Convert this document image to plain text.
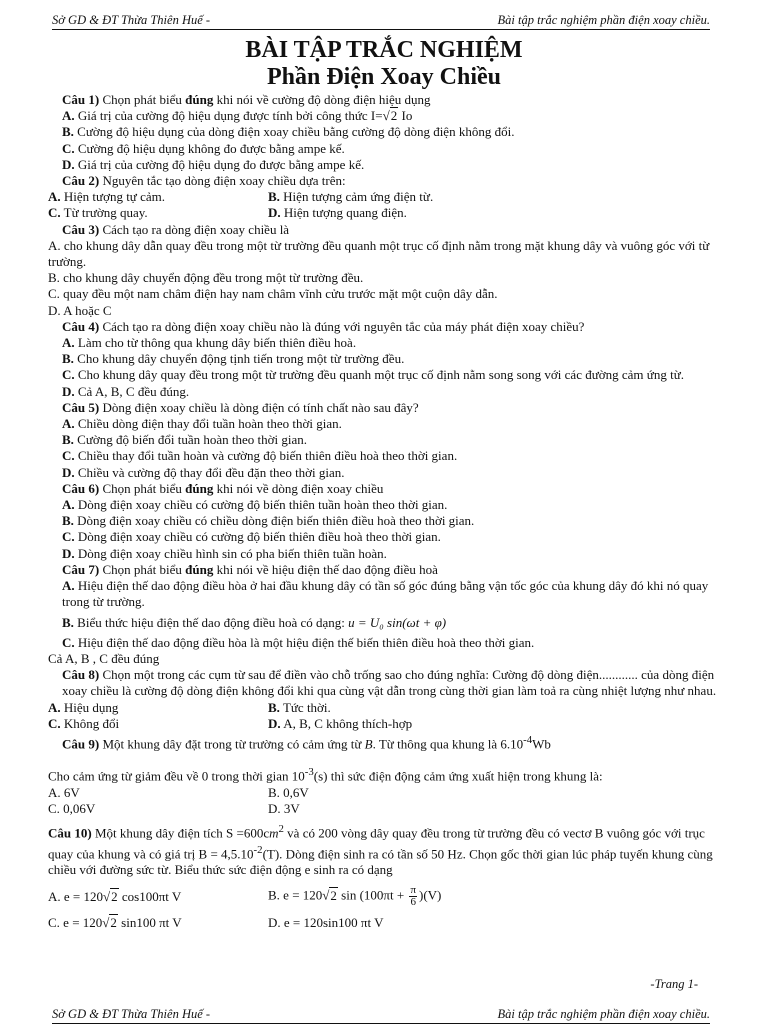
Sở GD & ĐT Thừa Thiên Huế -	Bài tập trắc nghiệm phần điện xoay chiều.
BÀI TẬP TRẮC NGHIỆM
Phần Điện Xoay Chiều
Câu 1) Chọn phát biểu đúng khi nói về cường độ dòng điện hiệu dụng
A. Giá trị của cường độ hiệu dụng được tính bởi công thức I=√2 Io
B. Cường độ hiệu dụng của dòng điện xoay chiều bằng cường độ dòng điện không đổi.
C. Cường độ hiệu dụng không đo được bằng ampe kế.
D. Giá trị của cường độ hiệu dụng đo được bằng ampe kế.
Câu 2) Nguyên tắc tạo dòng điện xoay chiều dựa trên:
A. Hiện tượng tự cảm.	B. Hiện tượng cảm ứng điện từ.
C. Từ trường quay.	D. Hiện tượng quang điện.
Câu 3) Cách tạo ra dòng điện xoay chiều là
A. cho khung dây dẫn quay đều trong một từ trường đều quanh một trục cố định nằm trong mặt khung dây và vuông góc với từ trường.
B. cho khung dây chuyển động đều trong một từ trường đều.
C. quay đều một nam châm điện hay nam châm vĩnh cửu trước mặt một cuộn dây dẫn.
D. A hoặc C
Câu 4) Cách tạo ra dòng điện xoay chiều nào là đúng với nguyên tắc của máy phát điện xoay chiều?
A. Làm cho từ thông qua khung dây biến thiên điều hoà.
B. Cho khung dây chuyển động tịnh tiến trong một từ trường đều.
C. Cho khung dây quay đều trong một từ trường đều quanh một trục cố định nằm song song với các đường cảm ứng từ.
D. Cả A, B, C đều đúng.
Câu 5) Dòng điện xoay chiều là dòng điện có tính chất nào sau đây?
A. Chiều dòng điện thay đổi tuần hoàn theo thời gian.
B. Cường độ biến đổi tuần hoàn theo thời gian.
C. Chiều thay đổi tuần hoàn và cường độ biến thiên điều hoà theo thời gian.
D. Chiều và cường độ thay đổi đều đặn theo thời gian.
Câu 6) Chọn phát biểu đúng khi nói về dòng điện xoay chiều
A. Dòng điện xoay chiều có cường độ biến thiên tuần hoàn theo thời gian.
B. Dòng điện xoay chiều có chiều dòng điện biến thiên điều hoà theo thời gian.
C. Dòng điện xoay chiều có cường độ biến thiên điều hoà theo thời gian.
D. Dòng điện xoay chiều hình sin có pha biến thiên tuần hoàn.
Câu 7) Chọn phát biểu đúng khi nói về hiệu điện thế dao động điều hoà
A. Hiệu điện thế dao động điều hòa ở hai đầu khung dây có tần số góc đúng bằng vận tốc góc của khung dây đó khi nó quay trong từ trường.
B. Biểu thức hiệu điện thế dao động điều hoà có dạng: u = U₀ sin(ωt + φ)
C. Hiệu điện thế dao động điều hòa là một hiệu điện thế biến thiên điều hoà theo thời gian.
Cả A, B , C đều đúng
Câu 8) Chọn một trong các cụm từ sau để điền vào chỗ trống sao cho đúng nghĩa: Cường độ dòng điện............ của dòng điện xoay chiều là cường độ dòng điện không đổi khi qua cùng vật dẫn trong cùng thời gian làm toả ra cùng nhiệt lượng như nhau.
A. Hiệu dụng	B. Tức thời.
C. Không đổi	D. A, B, C không thích-hợp
Câu 9) Một khung dây đặt trong từ trường có cảm ứng từ B. Từ thông qua khung là $6.10^{-4}Wb$
Cho cảm ứng từ giảm đều về 0 trong thời gian $10^{-3}(s)$ thì sức điện động cảm ứng xuất hiện trong khung là:
A. 6V	B. 0,6V
C. 0,06V	D. 3V
Câu 10) Một khung dây điện tích $S =600cm^2$ và có 200 vòng dây quay đều trong từ trường đều có vectơ B vuông góc với trục quay của khung và có giá trị $B = 4,5.10^{-2}(T)$. Dòng điện sinh ra có tần số 50 Hz. Chọn gốc thời gian lúc pháp tuyến khung cùng chiều với đường sức từ. Biểu thức sức điện động e sinh ra có dạng
A. e = 120√2 cos100πt V	B. e = 120√2 $\sin (100\pi t + \frac{\pi}{6} )(V)$
C. e = 120√2 sin100 πt V	D. e = 120sin100 πt V
-Trang 1-
Sở GD & ĐT Thừa Thiên Huế -	Bài tập trắc nghiệm phần điện xoay chiều.
